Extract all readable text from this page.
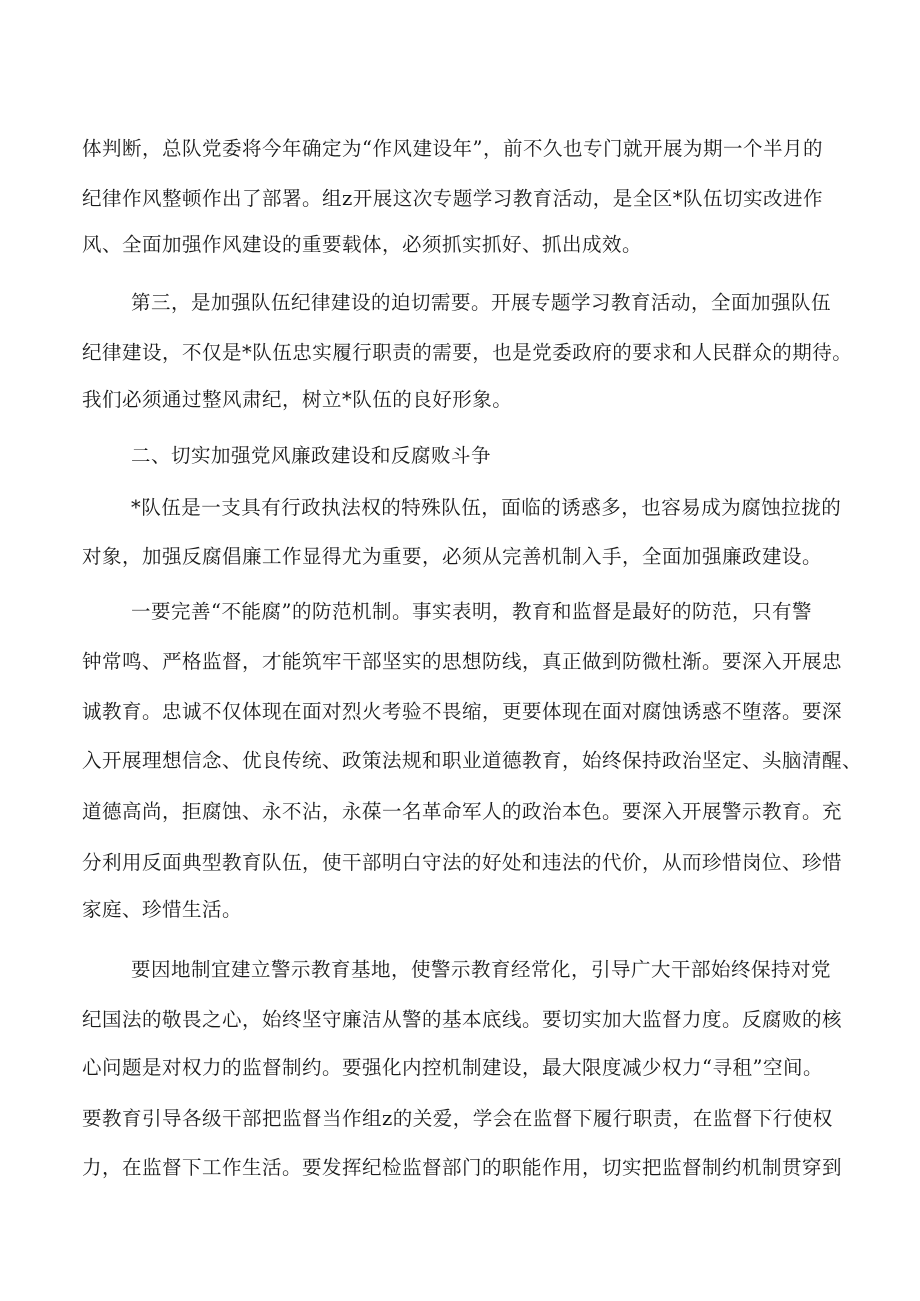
体判断，总队党委将今年确定为“作风建设年”，前不久也专门就开展为期一个半月的
纪律作风整顿作出了部署。组z开展这次专题学习教育活动，是全区*队伍切实改进作
风、全面加强作风建设的重要载体，必须抓实抓好、抓出成效。
第三，是加强队伍纪律建设的迫切需要。开展专题学习教育活动，全面加强队伍
纪律建设，不仅是*队伍忠实履行职责的需要，也是党委政府的要求和人民群众的期待。
我们必须通过整风肃纪，树立*队伍的良好形象。
二、切实加强党风廉政建设和反腐败斗争
*队伍是一支具有行政执法权的特殊队伍，面临的诱惑多，也容易成为腐蚀拉拢的
对象，加强反腐倡廉工作显得尤为重要，必须从完善机制入手，全面加强廉政建设。
一要完善“不能腐”的防范机制。事实表明，教育和监督是最好的防范，只有警
钟常鸣、严格监督，才能筑牢干部坚实的思想防线，真正做到防微杜渐。要深入开展忠
诚教育。忠诚不仅体现在面对烈火考验不畏缩，更要体现在面对腐蚀诱惑不堕落。要深
入开展理想信念、优良传统、政策法规和职业道德教育，始终保持政治坚定、头脑清醒、
道德高尚，拒腐蚀、永不沾，永葆一名革命军人的政治本色。要深入开展警示教育。充
分利用反面典型教育队伍，使干部明白守法的好处和违法的代价，从而珍惜岗位、珍惜
家庭、珍惜生活。
要因地制宜建立警示教育基地，使警示教育经常化，引导广大干部始终保持对党
纪国法的敬畏之心，始终坚守廉洁从警的基本底线。要切实加大监督力度。反腐败的核
心问题是对权力的监督制约。要强化内控机制建设，最大限度减少权力“寻租”空间。
要教育引导各级干部把监督当作组z的关爱，学会在监督下履行职责，在监督下行使权
力，在监督下工作生活。要发挥纪检监督部门的职能作用，切实把监督制约机制贯穿到
